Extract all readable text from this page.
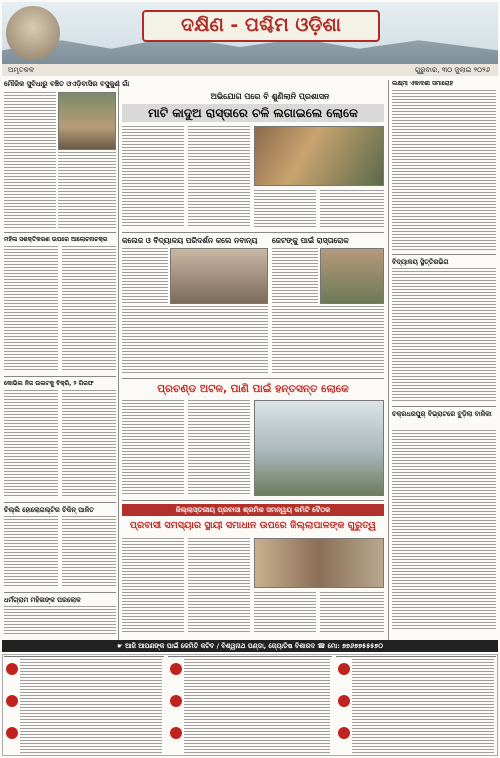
ଦକ୍ଷିଣ - ପଶ୍ଚିମ ଓଡ଼ିଶା
ଅମୃତକଳ	ଗୁରୁବାର, ୩୦ ଜୁଲାଇ ୨୦୨୬
ମୌଜିକ ସୁବିଧାରୁ ବଞ୍ଚିତ ଓଏଡ଼ିବାସିର ବସୁକୁଣ ଗାଁ
ଅଭିଯୋଗ ପରେ ବି ଶୁଣିଲାନି ପ୍ରଶାସନ
ମାଟି କାଦୁଅ ରାସ୍ତାରେ ଚଳି ଲଗାଇଲେ ଲୋକେ
ଲକ୍ଷ୍ମୀ ଏକାଦଶୀ ସମାରୋହ
ମହିଳା ସଶକ୍ତିକରଣ ଉପରେ ଆଲୋଚନାଚକ୍ର	କଲେଜ ଓ ବିଦ୍ୟାଳୟ ପରିଦର୍ଶନ କଲେ ନବାନ୍ୟ	ଜେଟଙ୍କୁ ପାଇଁ ରାସ୍ତାରୋକ
ବିଦ୍ୟାଳୟ ସ୍ଥିତ୍ତିରଭିଗ
କୋଭିଲ ନିଜ ଉଲଟକୁ ବିକ୍ରି, ୨ ଗିରଫ	ପ୍ରଚଣ୍ଡ ଅଟଳ, ପାଣି ପାଇଁ ହନ୍ତସନ୍ତ ଲୋକେ
ଚକ୍ରଧରପୁର୍ ବିଭ୍ରାଟରେ ବୁଡ଼ିଲା ବାଳିକା
ଚିଲ୍ଲି ହୋଲୋଗଲ୍ଟିର ଚିକିନ୍ ପାଳିତ	ଜିଲ୍ଲାସ୍ତରୀୟ ପ୍ରବାସୀ ଶ୍ରମିକ ସମନ୍ୱୟ କମିଟି ବୈଠକ
ପ୍ରବାସୀ ସମସ୍ୟାର ସ୍ଥାୟୀ ସମାଧାନ ଉପରେ ଜିଲ୍ଲାପାଳଙ୍କ ଗୁରୁତ୍ୱ
ଧର୍ମଗ୍ରାମ ମହିଳାଙ୍କ ପରଲୋକ
☛ ଆଜି ଆପଣଙ୍କ ପାଇଁ କେମିତି କଟିବ / ବିଶ୍ୱନାଥ ପଣ୍ଡା, ଜ୍ୟୋତିଷ ବିଶାରଦ ☎ ମୋ: ୭୭୬୭୭୫୫୫୭୦
